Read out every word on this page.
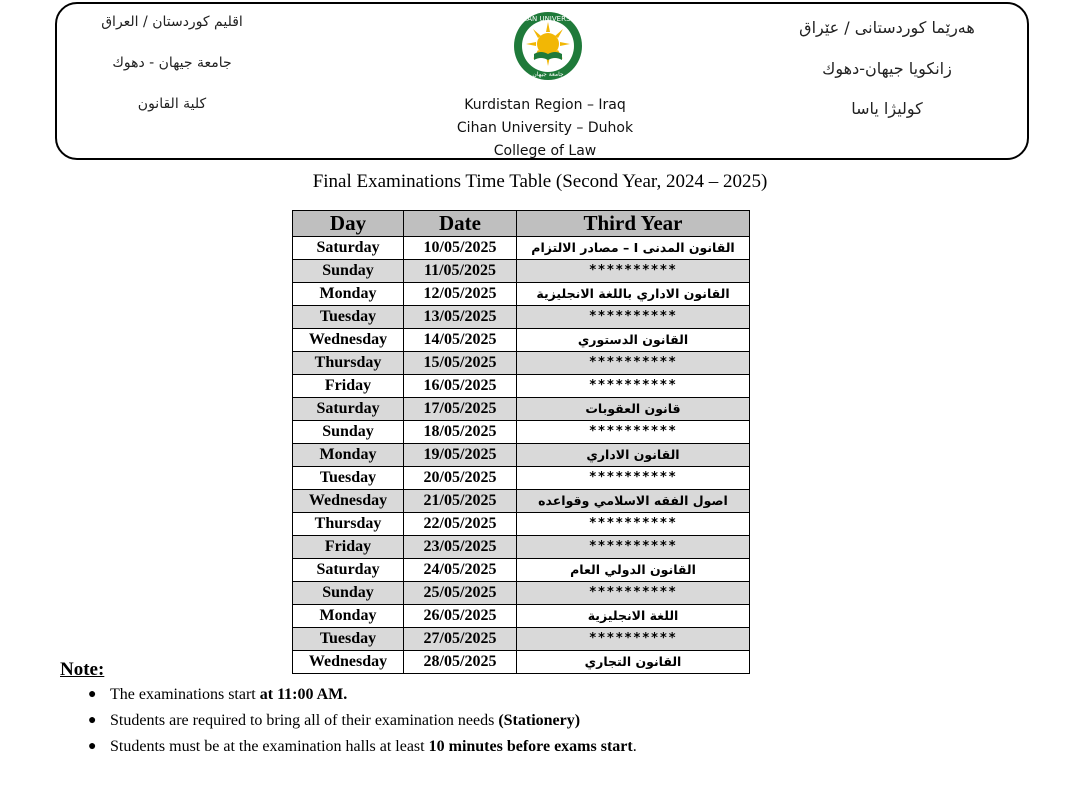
اقليم كوردستان / العراق
جامعة جيهان - دهوك
كلية القانون
هەرێما کوردستانى / عێراق
زانكويا جيهان-دهوك
كوليژا ياسا
CIHAN UNIVERSITY
جامعة جيهان
Kurdistan Region – Iraq
Cihan University – Duhok
College of Law
Final Examinations Time Table (Second Year, 2024 – 2025)
Day	Date	Third Year
Saturday	10/05/2025	القانون المدنى I – مصادر الالتزام
Sunday	11/05/2025	**********
Monday	12/05/2025	القانون الاداري باللغة الانجليزية
Tuesday	13/05/2025	**********
Wednesday	14/05/2025	القانون الدستوري
Thursday	15/05/2025	**********
Friday	16/05/2025	**********
Saturday	17/05/2025	قانون العقوبات
Sunday	18/05/2025	**********
Monday	19/05/2025	القانون الاداري
Tuesday	20/05/2025	**********
Wednesday	21/05/2025	اصول الفقه الاسلامي وقواعده
Thursday	22/05/2025	**********
Friday	23/05/2025	**********
Saturday	24/05/2025	القانون الدولي العام
Sunday	25/05/2025	**********
Monday	26/05/2025	اللغة الانجليزية
Tuesday	27/05/2025	**********
Wednesday	28/05/2025	القانون التجاري
Note:
● The examinations start at 11:00 AM.
● Students are required to bring all of their examination needs (Stationery)
● Students must be at the examination halls at least 10 minutes before exams start.
